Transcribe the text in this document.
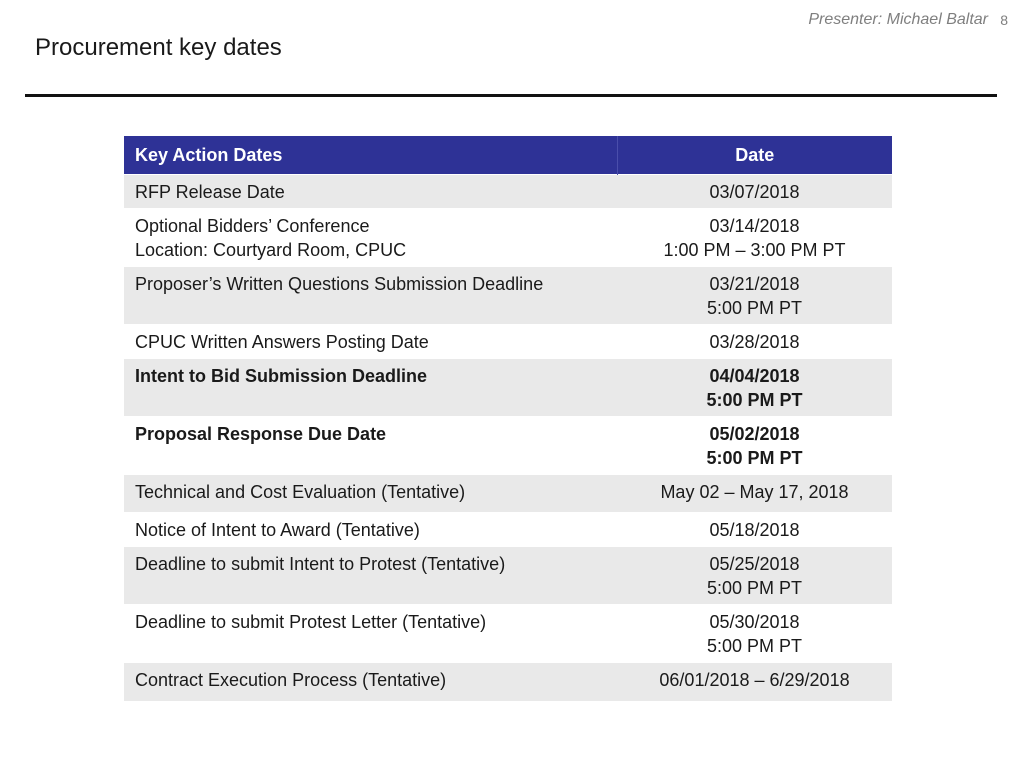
Presenter: Michael Baltar 8
Procurement key dates
Key Action Dates	Date

RFP Release Date	03/07/2018

Optional Bidders’ Conference
Location: Courtyard Room, CPUC	03/14/2018
1:00 PM – 3:00 PM PT

Proposer’s Written Questions Submission Deadline	03/21/2018
5:00 PM PT

CPUC Written Answers Posting Date	03/28/2018

Intent to Bid Submission Deadline	04/04/2018
5:00 PM PT

Proposal Response Due Date	05/02/2018
5:00 PM PT

Technical and Cost Evaluation (Tentative)	May 02 – May 17, 2018

Notice of Intent to Award (Tentative)	05/18/2018

Deadline to submit Intent to Protest (Tentative)	05/25/2018
5:00 PM PT

Deadline to submit Protest Letter (Tentative)	05/30/2018
5:00 PM PT

Contract Execution Process (Tentative)	06/01/2018 – 6/29/2018
